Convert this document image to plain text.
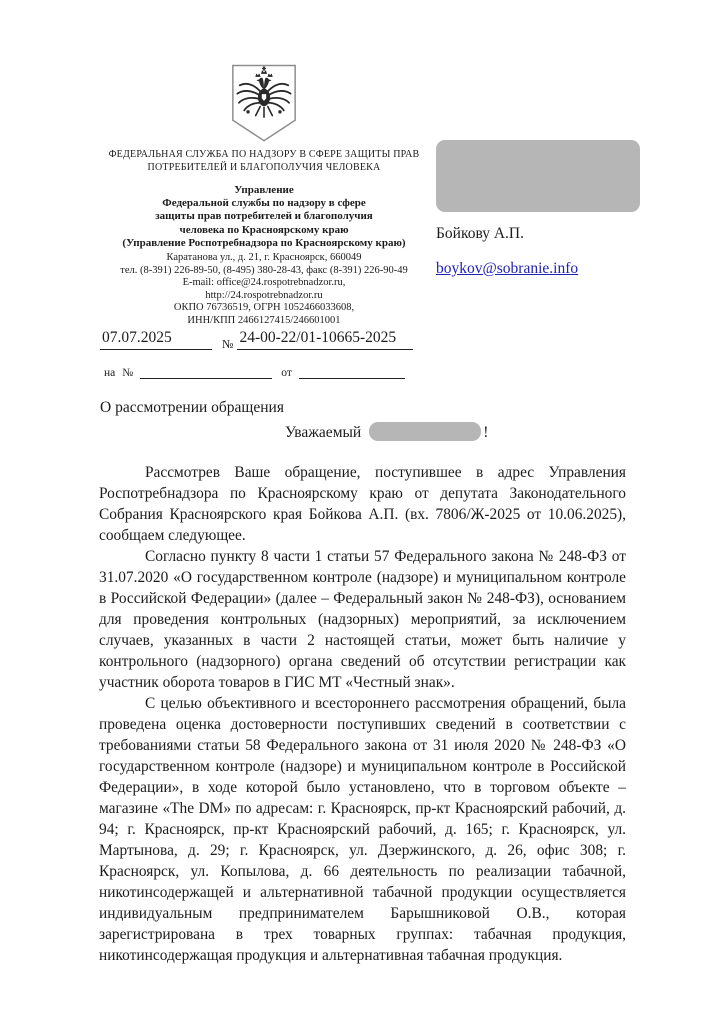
ФЕДЕРАЛЬНАЯ СЛУЖБА ПО НАДЗОРУ В СФЕРЕ ЗАЩИТЫ ПРАВ ПОТРЕБИТЕЛЕЙ И БЛАГОПОЛУЧИЯ ЧЕЛОВЕКА
Управление
Федеральной службы по надзору в сфере
защиты прав потребителей и благополучия
человека по Красноярскому краю
(Управление Роспотребнадзора по Красноярскому краю)
Каратанова ул., д. 21, г. Красноярск, 660049
тел. (8-391) 226-89-50, (8-495) 380-28-43, факс (8-391) 226-90-49
E-mail: office@24.rospotrebnadzor.ru,
http://24.rospotrebnadzor.ru
ОКПО 76736519, ОГРН 1052466033608,
ИНН/КПП 2466127415/246601001
Бойкову А.П.
boykov@sobranie.info
07.07.2025	№ 24-00-22/01-10665-2025
на №	от
О рассмотрении обращения
Уважаемый	!

Рассмотрев Ваше обращение, поступившее в адрес Управления Роспотребнадзора по Красноярскому краю от депутата Законодательного Собрания Красноярского края Бойкова А.П. (вх. 7806/Ж-2025 от 10.06.2025), сообщаем следующее.

Согласно пункту 8 части 1 статьи 57 Федерального закона № 248-ФЗ от 31.07.2020 «О государственном контроле (надзоре) и муниципальном контроле в Российской Федерации» (далее – Федеральный закон № 248-ФЗ), основанием для проведения контрольных (надзорных) мероприятий, за исключением случаев, указанных в части 2 настоящей статьи, может быть наличие у контрольного (надзорного) органа сведений об отсутствии регистрации как участник оборота товаров в ГИС МТ «Честный знак».

С целью объективного и всестороннего рассмотрения обращений, была проведена оценка достоверности поступивших сведений в соответствии с требованиями статьи 58 Федерального закона от 31 июля 2020 № 248-ФЗ «О государственном контроле (надзоре) и муниципальном контроле в Российской Федерации», в ходе которой было установлено, что в торговом объекте – магазине «The DM» по адресам: г. Красноярск, пр-кт Красноярский рабочий, д. 94; г. Красноярск, пр-кт Красноярский рабочий, д. 165; г. Красноярск, ул. Мартынова, д. 29; г. Красноярск, ул. Дзержинского, д. 26, офис 308; г. Красноярск, ул. Копылова, д. 66 деятельность по реализации табачной, никотинсодержащей и альтернативной табачной продукции осуществляется индивидуальным предпринимателем Барышниковой О.В., которая зарегистрирована в трех товарных группах: табачная продукция, никотинсодержащая продукция и альтернативная табачная продукция.
